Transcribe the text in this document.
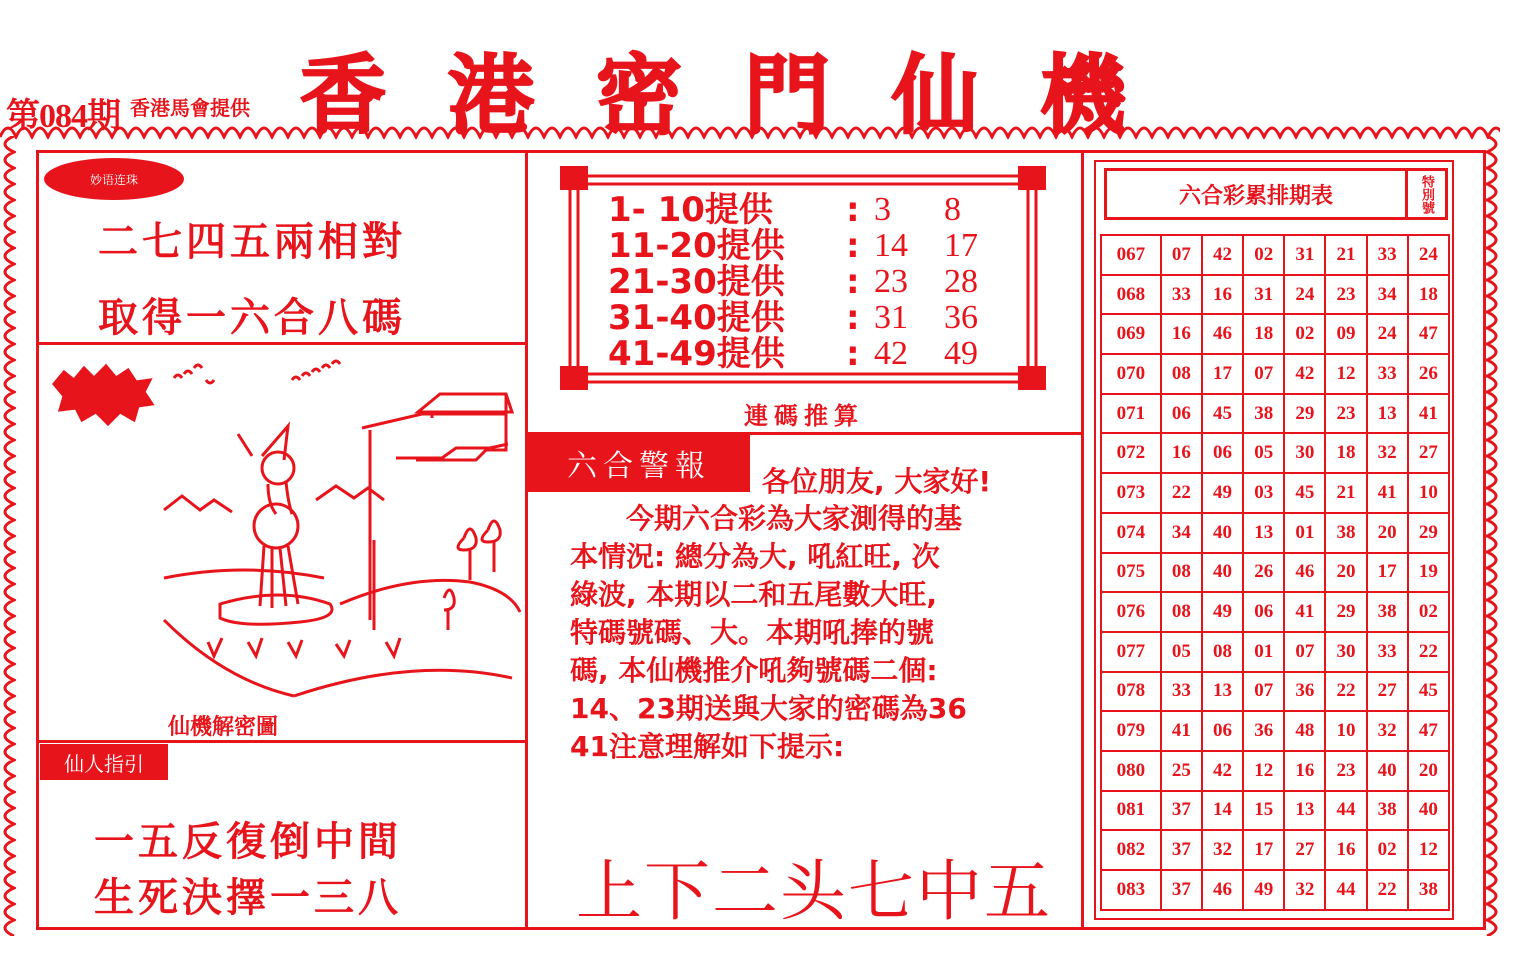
第084期 香港馬會提供 香港密門仙機
妙语连珠
二七四五兩相對
取得一六合八碼
仙機解密圖
仙人指引
一五反復倒中間
生死決擇一三八
1- 10提供	: 3	8
11-20提供	: 14	17
21-30提供	: 23	28
31-40提供	: 31	36
41-49提供	: 42	49
連碼推算
六合警報	各位朋友, 大家好!

今期六合彩為大家測得的基

本情況: 總分為大, 吼紅旺, 次

綠波, 本期以二和五尾數大旺,

特碼號碼、大。本期吼捧的號

碼, 本仙機推介吼夠號碼二個:

14、23期送與大家的密碼為36

41注意理解如下提示:

上下二头七中五
六合彩累排期表	特別號
067	07	42	02	31	21	33	24
068	33	16	31	24	23	34	18
069	16	46	18	02	09	24	47
070	08	17	07	42	12	33	26
071	06	45	38	29	23	13	41
072	16	06	05	30	18	32	27
073	22	49	03	45	21	41	10
074	34	40	13	01	38	20	29
075	08	40	26	46	20	17	19
076	08	49	06	41	29	38	02
077	05	08	01	07	30	33	22
078	33	13	07	36	22	27	45
079	41	06	36	48	10	32	47
080	25	42	12	16	23	40	20
081	37	14	15	13	44	38	40
082	37	32	17	27	16	02	12
083	37	46	49	32	44	22	38
